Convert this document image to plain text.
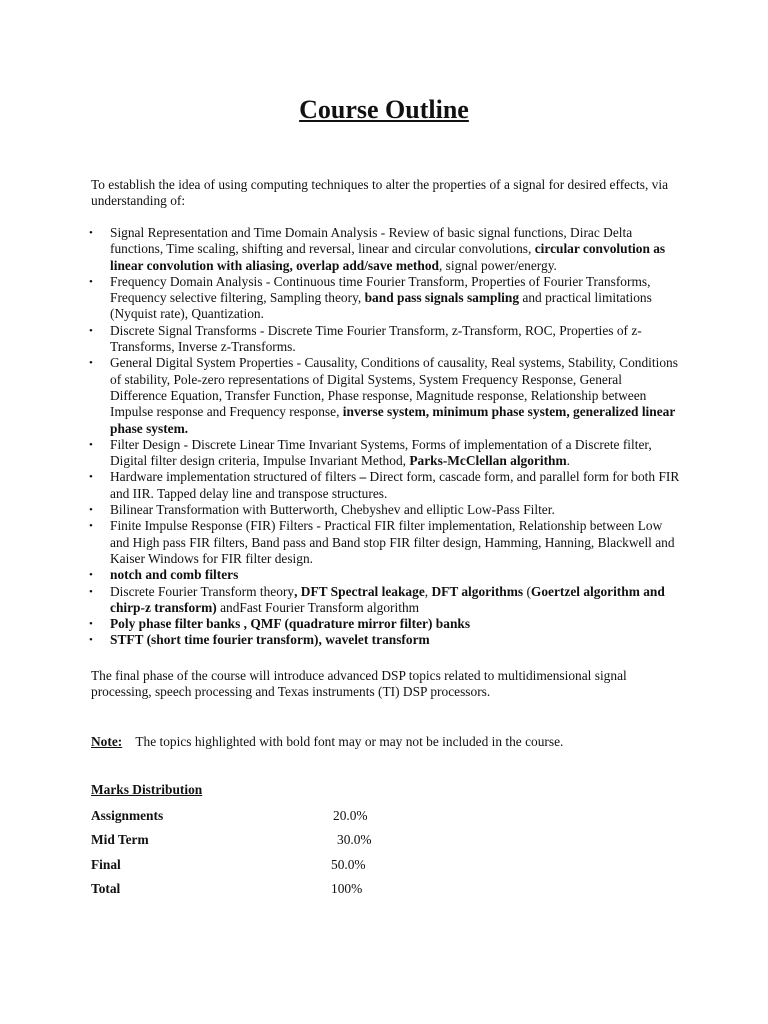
Course Outline
To establish the idea of using computing techniques to alter the properties of a signal for desired effects, via understanding of:
•	Signal Representation and Time Domain Analysis - Review of basic signal functions, Dirac Delta functions, Time scaling, shifting and reversal, linear and circular convolutions, circular convolution as linear convolution with aliasing, overlap add/save method, signal power/energy.
•	Frequency Domain Analysis - Continuous time Fourier Transform, Properties of Fourier Transforms, Frequency selective filtering, Sampling theory, band pass signals sampling and practical limitations (Nyquist rate), Quantization.
•	Discrete Signal Transforms - Discrete Time Fourier Transform, z-Transform, ROC, Properties of z-Transforms, Inverse z-Transforms.
•	General Digital System Properties - Causality, Conditions of causality, Real systems, Stability, Conditions of stability, Pole-zero representations of Digital Systems, System Frequency Response, General Difference Equation, Transfer Function, Phase response, Magnitude response, Relationship between Impulse response and Frequency response, inverse system, minimum phase system, generalized linear phase system.
•	Filter Design - Discrete Linear Time Invariant Systems, Forms of implementation of a Discrete filter, Digital filter design criteria, Impulse Invariant Method, Parks-McClellan algorithm.
•	Hardware implementation structured of filters – Direct form, cascade form, and parallel form for both FIR and IIR. Tapped delay line and transpose structures.
•	Bilinear Transformation with Butterworth, Chebyshev and elliptic Low-Pass Filter.
•	Finite Impulse Response (FIR) Filters - Practical FIR filter implementation, Relationship between Low and High pass FIR filters, Band pass and Band stop FIR filter design, Hamming, Hanning, Blackwell and Kaiser Windows for FIR filter design.
•	notch and comb filters
•	Discrete Fourier Transform theory, DFT Spectral leakage, DFT algorithms (Goertzel algorithm and chirp-z transform) andFast Fourier Transform algorithm
•	Poly phase filter banks , QMF (quadrature mirror filter) banks
•	STFT (short time fourier transform), wavelet transform
The final phase of the course will introduce advanced DSP topics related to multidimensional signal processing, speech processing and Texas instruments (TI) DSP processors.
Note: The topics highlighted with bold font may or may not be included in the course.
Marks Distribution
Assignments	20.0%
Mid Term	30.0%
Final	50.0%
Total	100%
